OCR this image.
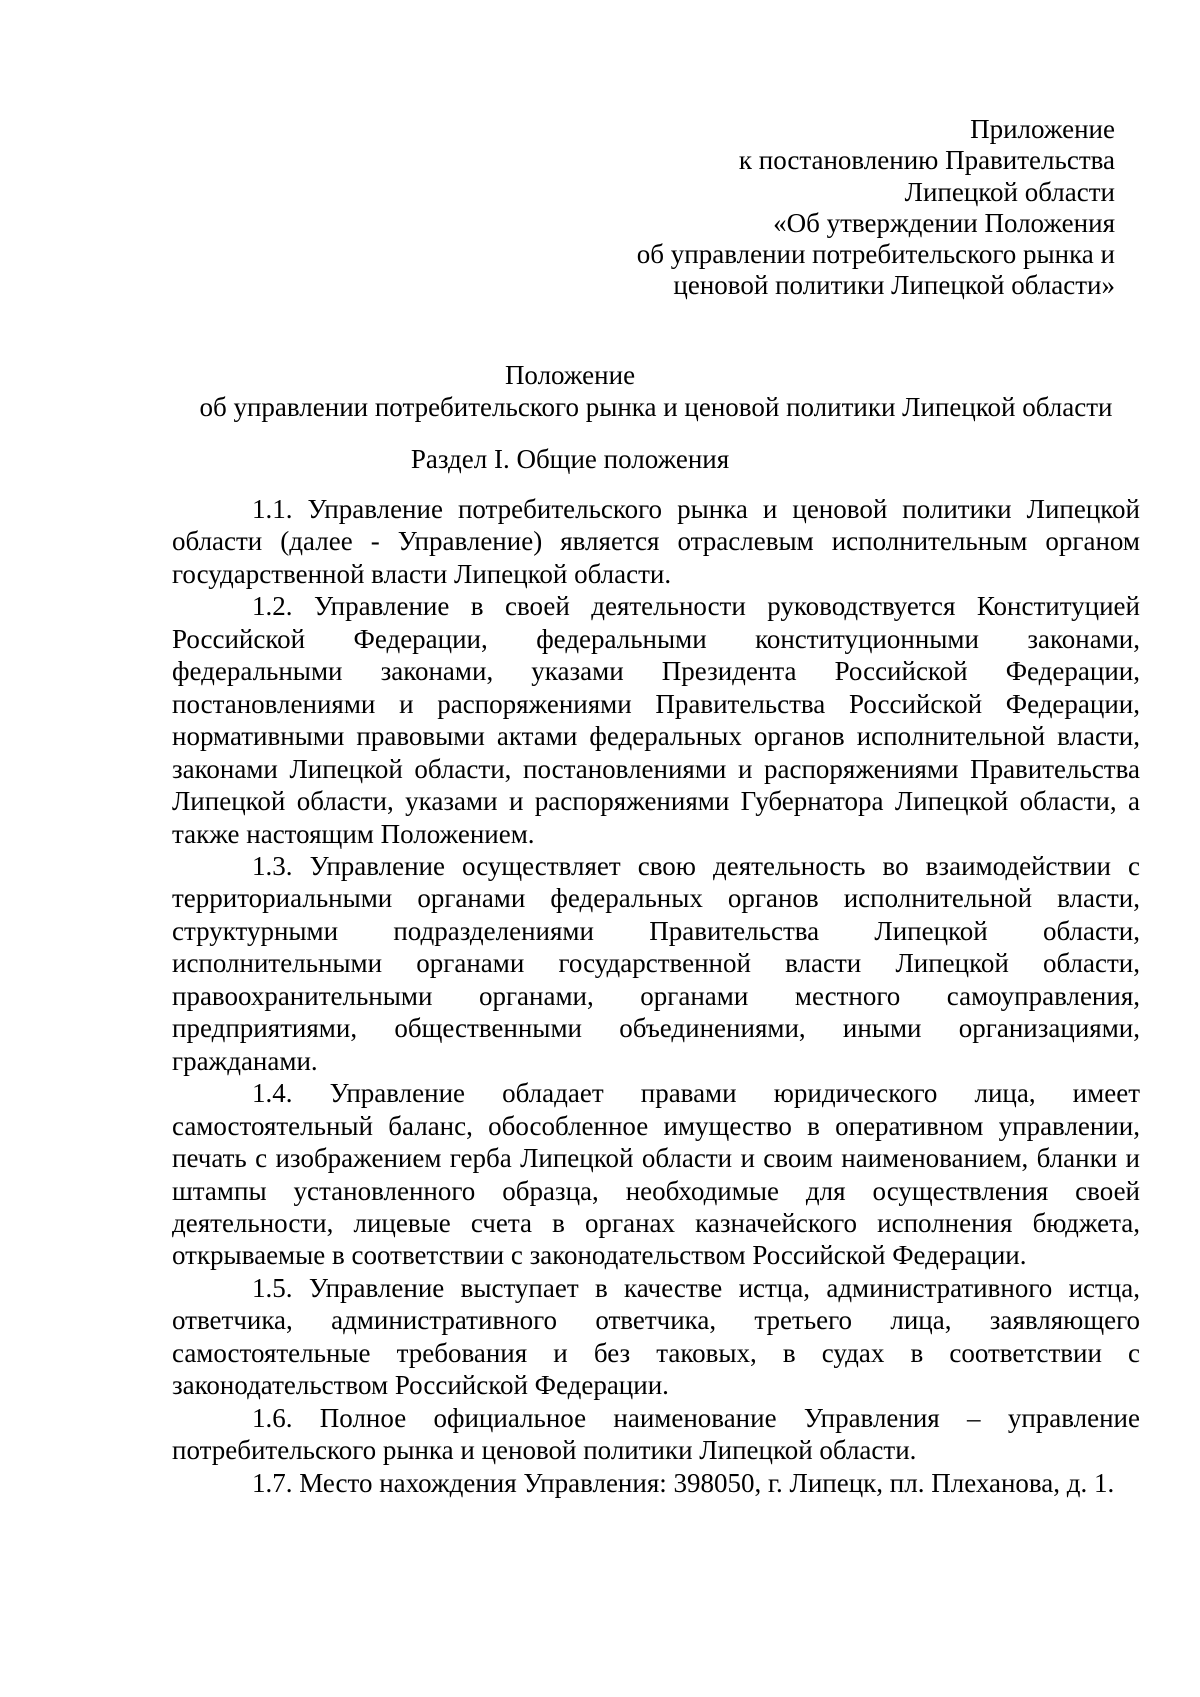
Приложение
к постановлению Правительства
Липецкой области
«Об утверждении Положения
об управлении потребительского рынка и
ценовой политики Липецкой области»
Положение
об управлении потребительского рынка и ценовой политики Липецкой области
Раздел I. Общие положения

1.1. Управление потребительского рынка и ценовой политики Липецкой области (далее - Управление) является отраслевым исполнительным органом государственной власти Липецкой области.

1.2. Управление в своей деятельности руководствуется Конституцией Российской Федерации, федеральными конституционными законами, федеральными законами, указами Президента Российской Федерации, постановлениями и распоряжениями Правительства Российской Федерации, нормативными правовыми актами федеральных органов исполнительной власти, законами Липецкой области, постановлениями и распоряжениями Правительства Липецкой области, указами и распоряжениями Губернатора Липецкой области, а также настоящим Положением.

1.3. Управление осуществляет свою деятельность во взаимодействии с территориальными органами федеральных органов исполнительной власти, структурными подразделениями Правительства Липецкой области, исполнительными органами государственной власти Липецкой области, правоохранительными органами, органами местного самоуправления, предприятиями, общественными объединениями, иными организациями, гражданами.

1.4. Управление обладает правами юридического лица, имеет самостоятельный баланс, обособленное имущество в оперативном управлении, печать с изображением герба Липецкой области и своим наименованием, бланки и штампы установленного образца, необходимые для осуществления своей деятельности, лицевые счета в органах казначейского исполнения бюджета, открываемые в соответствии с законодательством Российской Федерации.

1.5. Управление выступает в качестве истца, административного истца, ответчика, административного ответчика, третьего лица, заявляющего самостоятельные требования и без таковых, в судах в соответствии с законодательством Российской Федерации.

1.6. Полное официальное наименование Управления – управление потребительского рынка и ценовой политики Липецкой области.

1.7. Место нахождения Управления: 398050, г. Липецк, пл. Плеханова, д. 1.
